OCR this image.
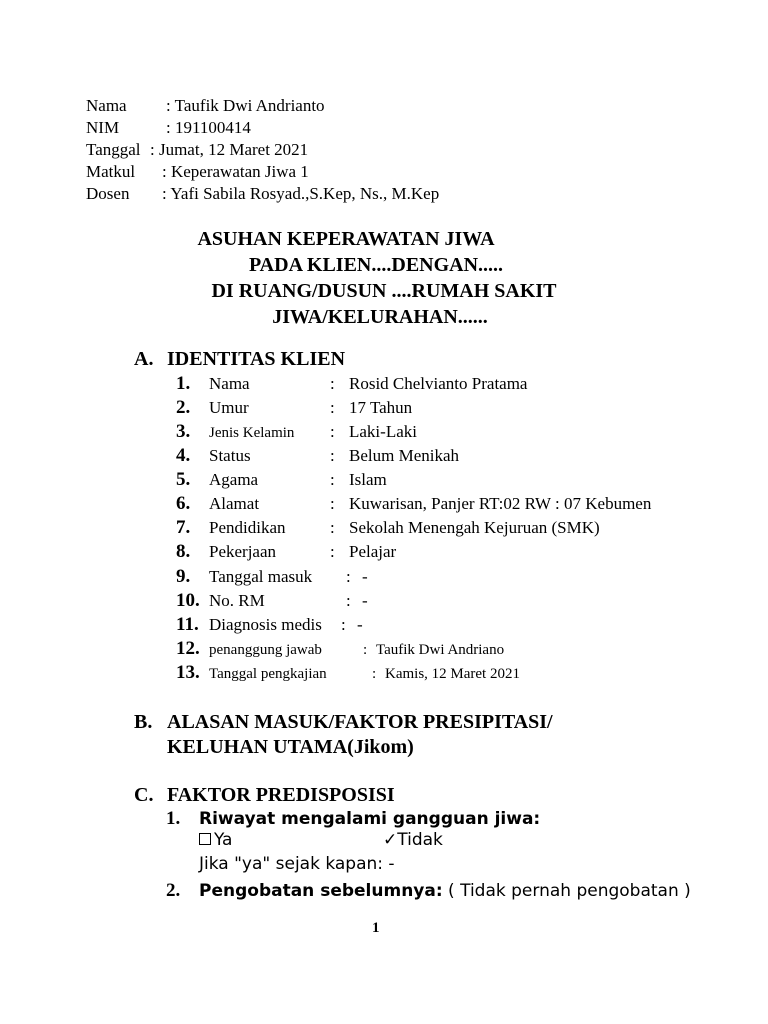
Nama : Taufik Dwi Andrianto
NIM	: 191100414
Tanggal : Jumat, 12 Maret 2021
Matkul : Keperawatan Jiwa 1
Dosen : Yafi Sabila Rosyad.,S.Kep, Ns., M.Kep
ASUHAN KEPERAWATAN JIWA
PADA KLIEN....DENGAN.....
DI RUANG/DUSUN ....RUMAH SAKIT
JIWA/KELURAHAN......
A. IDENTITAS KLIEN
1. Nama	: Rosid Chelvianto Pratama
2. Umur	:17 Tahun
3. Jenis Kelamin :Laki-Laki
4. Status	: Belum Menikah
5. Agama	: Islam
6. Alamat	: Kuwarisan, Panjer RT:02 RW : 07 Kebumen
7. Pendidikan	: Sekolah Menengah Kejuruan (SMK)
8. Pekerjaan	: Pelajar
9. Tanggal masuk : -
10. No. RM	: -
11. Diagnosis medis : -
12. penanggung jawab	: Taufik Dwi Andriano
13. Tanggal pengkajian	: Kamis, 12 Maret 2021
B. ALASAN MASUK/FAKTOR PRESIPITASI/
KELUHAN UTAMA(Jikom)
C. FAKTOR PREDISPOSISI
1. Riwayat mengalami gangguan jiwa:
Ya	✓Tidak
Jika "ya" sejak kapan: -
2. Pengobatan sebelumnya: ( Tidak pernah pengobatan )
1
